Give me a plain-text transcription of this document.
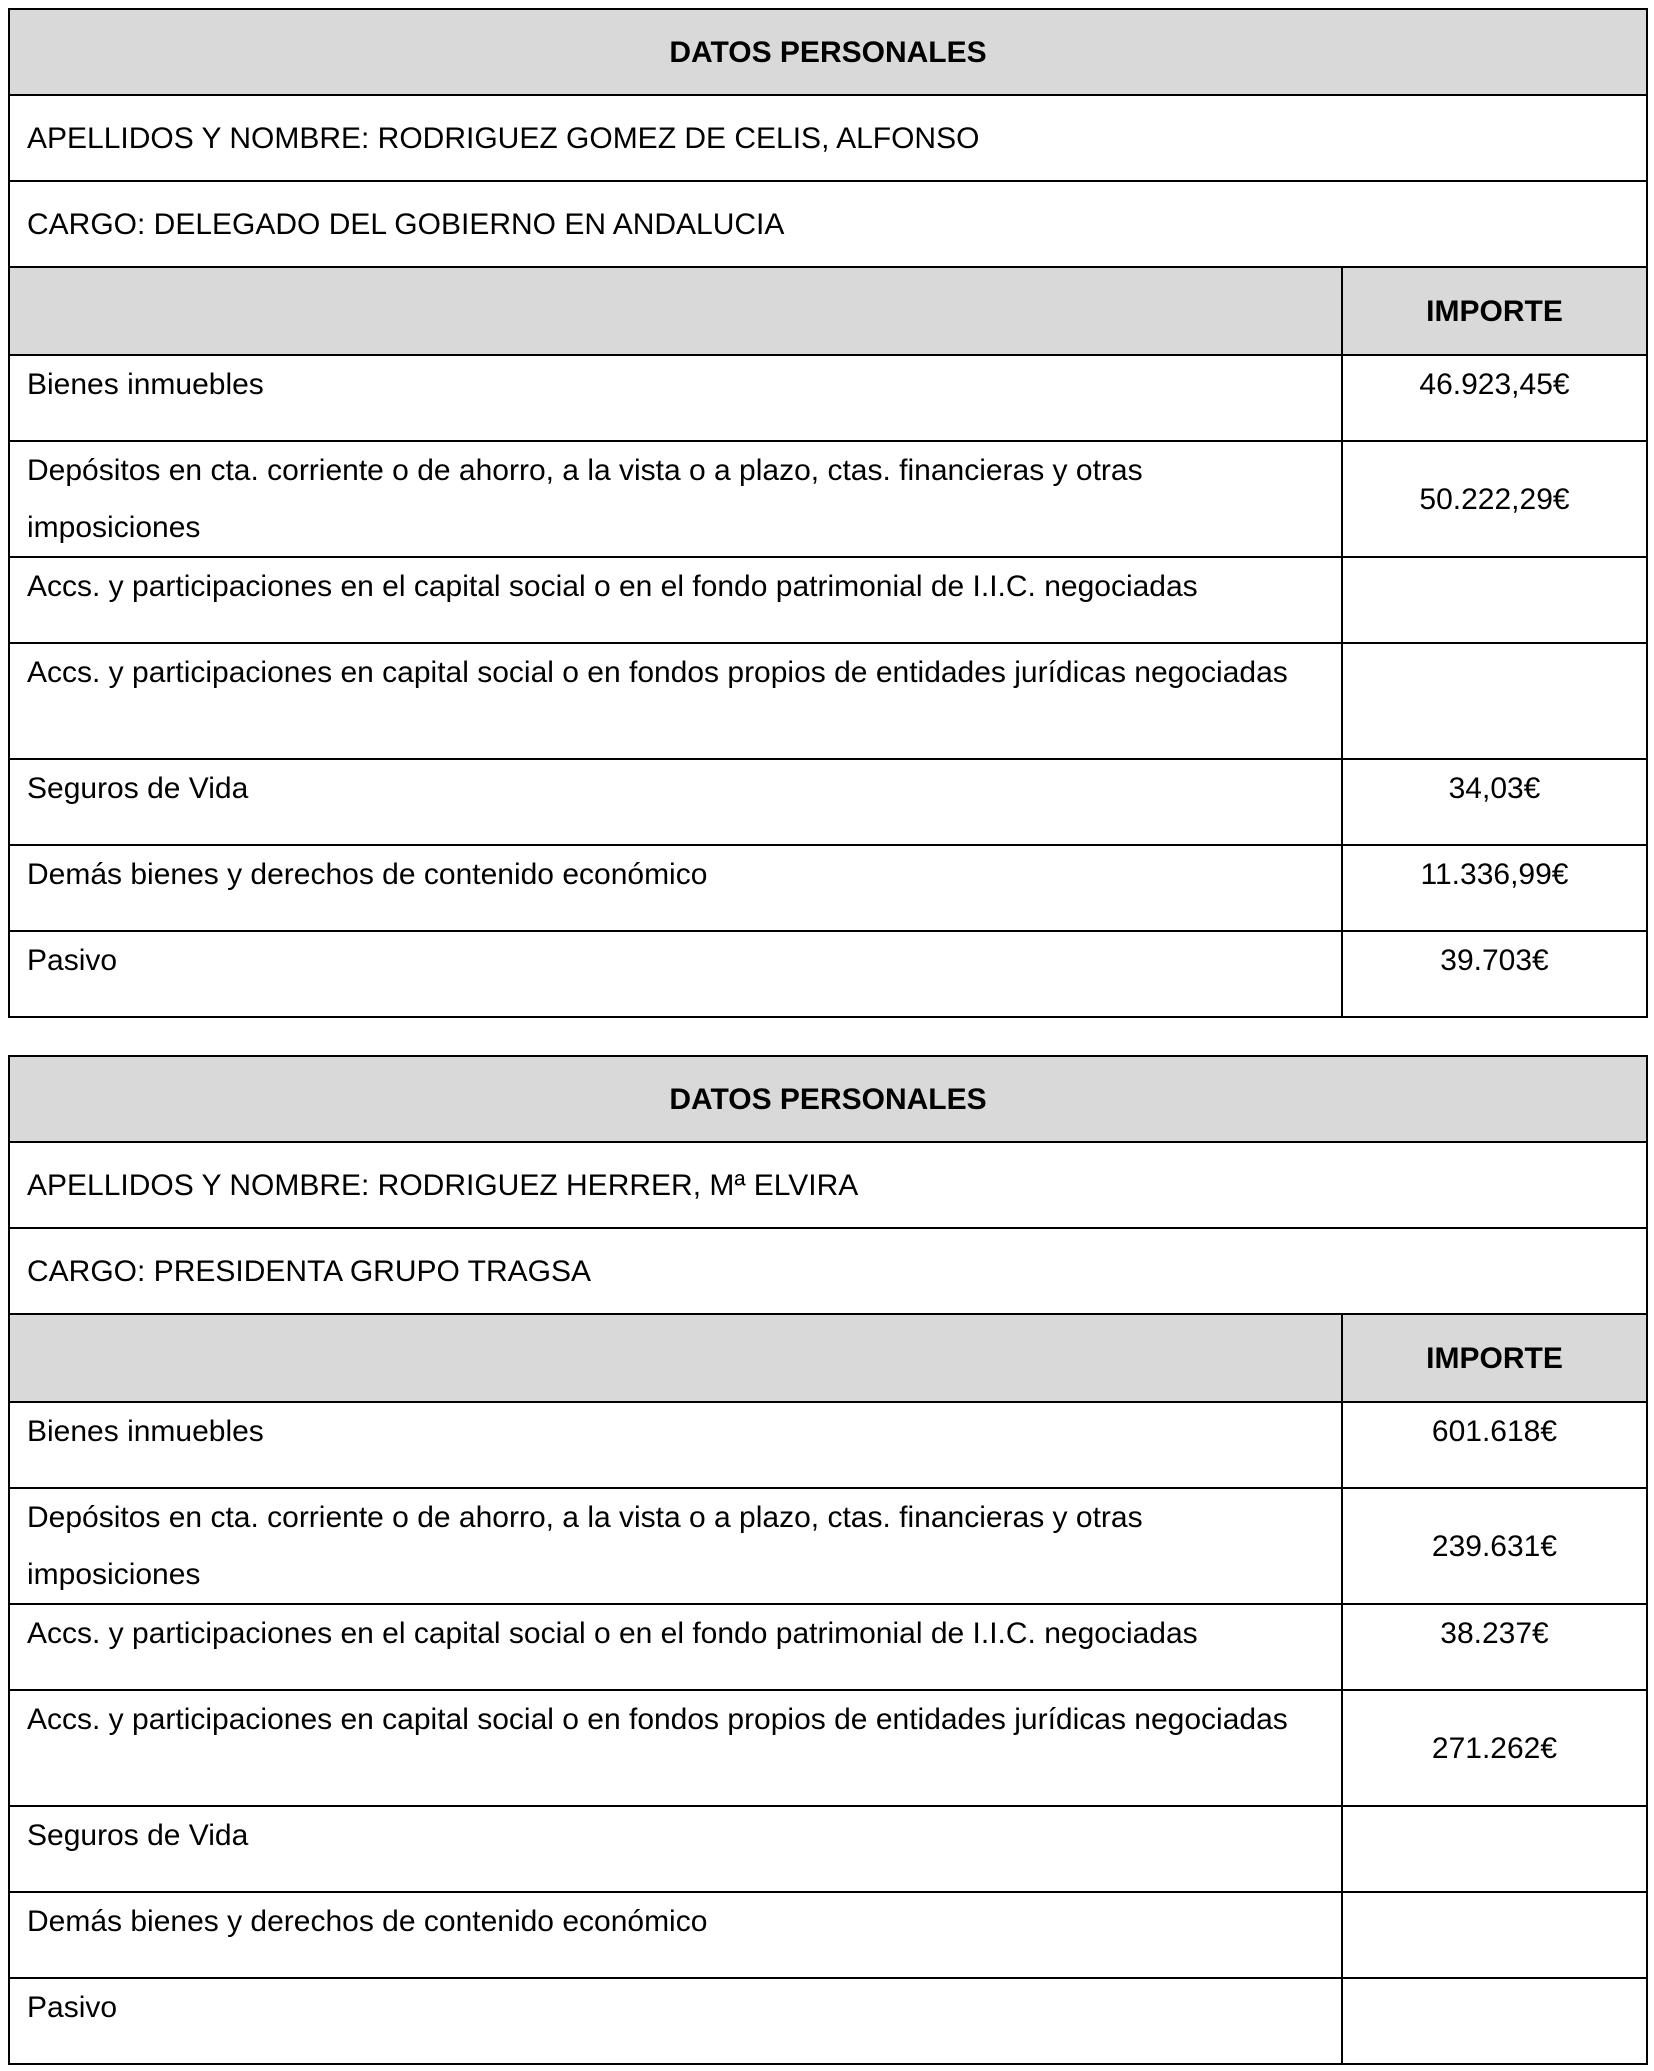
DATOS PERSONALES	
APELLIDOS Y NOMBRE: RODRIGUEZ GOMEZ DE CELIS, ALFONSO	
CARGO: DELEGADO DEL GOBIERNO EN ANDALUCIA	
	IMPORTE
Bienes inmuebles	46.923,45€
Depósitos en cta. corriente o de ahorro, a la vista o a plazo, ctas. financieras y otras imposiciones	50.222,29€
Accs. y participaciones en el capital social o en el fondo patrimonial de I.I.C. negociadas	
Accs. y participaciones en capital social o en fondos propios de entidades jurídicas negociadas	
Seguros de Vida	34,03€
Demás bienes y derechos de contenido económico	11.336,99€
Pasivo	39.703€
DATOS PERSONALES	
APELLIDOS Y NOMBRE: RODRIGUEZ HERRER, Mª ELVIRA	
CARGO: PRESIDENTA GRUPO TRAGSA	
	IMPORTE
Bienes inmuebles	601.618€
Depósitos en cta. corriente o de ahorro, a la vista o a plazo, ctas. financieras y otras imposiciones	239.631€
Accs. y participaciones en el capital social o en el fondo patrimonial de I.I.C. negociadas	38.237€
Accs. y participaciones en capital social o en fondos propios de entidades jurídicas negociadas	271.262€
Seguros de Vida	
Demás bienes y derechos de contenido económico	
Pasivo	
